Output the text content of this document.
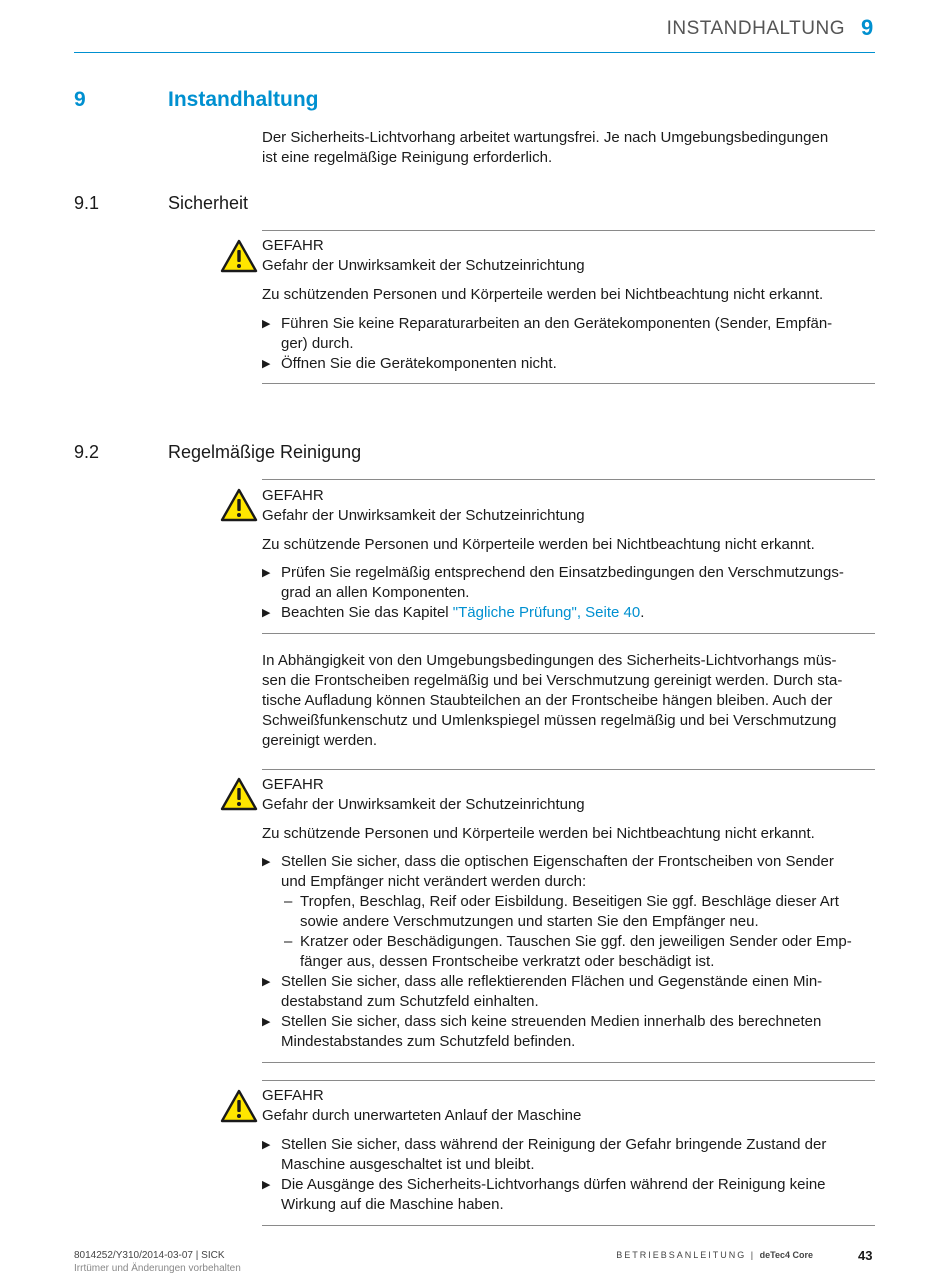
INSTANDHALTUNG 9
9	Instandhaltung
Der Sicherheits-Lichtvorhang arbeitet wartungsfrei. Je nach Umgebungsbedingungen
ist eine regelmäßige Reinigung erforderlich.
9.1	Sicherheit
GEFAHR
Gefahr der Unwirksamkeit der Schutzeinrichtung
Zu schützenden Personen und Körperteile werden bei Nichtbeachtung nicht erkannt.
▶ Führen Sie keine Reparaturarbeiten an den Gerätekomponenten (Sender, Empfän-
ger) durch.
▶ Öffnen Sie die Gerätekomponenten nicht.
9.2	Regelmäßige Reinigung
GEFAHR
Gefahr der Unwirksamkeit der Schutzeinrichtung
Zu schützende Personen und Körperteile werden bei Nichtbeachtung nicht erkannt.
▶ Prüfen Sie regelmäßig entsprechend den Einsatzbedingungen den Verschmutzungs-
grad an allen Komponenten.
▶ Beachten Sie das Kapitel "Tägliche Prüfung", Seite 40.
In Abhängigkeit von den Umgebungsbedingungen des Sicherheits-Lichtvorhangs müs-
sen die Frontscheiben regelmäßig und bei Verschmutzung gereinigt werden. Durch sta-
tische Aufladung können Staubteilchen an der Frontscheibe hängen bleiben. Auch der
Schweißfunkenschutz und Umlenkspiegel müssen regelmäßig und bei Verschmutzung
gereinigt werden.
GEFAHR
Gefahr der Unwirksamkeit der Schutzeinrichtung
Zu schützende Personen und Körperteile werden bei Nichtbeachtung nicht erkannt.
▶ Stellen Sie sicher, dass die optischen Eigenschaften der Frontscheiben von Sender
und Empfänger nicht verändert werden durch:
– Tropfen, Beschlag, Reif oder Eisbildung. Beseitigen Sie ggf. Beschläge dieser Art
sowie andere Verschmutzungen und starten Sie den Empfänger neu.
– Kratzer oder Beschädigungen. Tauschen Sie ggf. den jeweiligen Sender oder Emp-
fänger aus, dessen Frontscheibe verkratzt oder beschädigt ist.
▶ Stellen Sie sicher, dass alle reflektierenden Flächen und Gegenstände einen Min-
destabstand zum Schutzfeld einhalten.
▶ Stellen Sie sicher, dass sich keine streuenden Medien innerhalb des berechneten
Mindestabstandes zum Schutzfeld befinden.
GEFAHR
Gefahr durch unerwarteten Anlauf der Maschine
▶ Stellen Sie sicher, dass während der Reinigung der Gefahr bringende Zustand der
Maschine ausgeschaltet ist und bleibt.
▶ Die Ausgänge des Sicherheits-Lichtvorhangs dürfen während der Reinigung keine
Wirkung auf die Maschine haben.
8014252/Y310/2014-03-07 | SICK
Irrtümer und Änderungen vorbehalten
BETRIEBSANLEITUNG | deTec4 Core	43
